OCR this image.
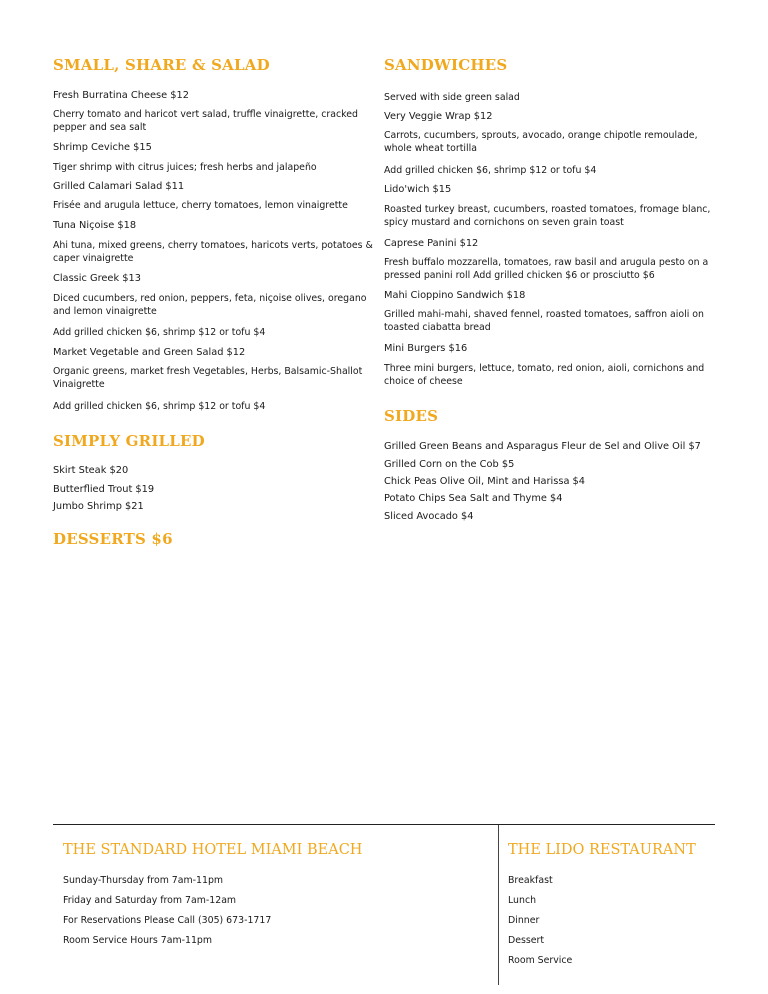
SMALL, SHARE & SALAD
Fresh Burratina Cheese $12
Cherry tomato and haricot vert salad, truffle vinaigrette, cracked pepper and sea salt
Shrimp Ceviche $15
Tiger shrimp with citrus juices; fresh herbs and jalapeño
Grilled Calamari Salad $11
Frisée and arugula lettuce, cherry tomatoes, lemon vinaigrette
Tuna Niçoise $18
Ahi tuna, mixed greens, cherry tomatoes, haricots verts, potatoes & caper vinaigrette
Classic Greek $13
Diced cucumbers, red onion, peppers, feta, niçoise olives, oregano and lemon vinaigrette
Add grilled chicken $6, shrimp $12 or tofu $4
Market Vegetable and Green Salad $12
Organic greens, market fresh Vegetables, Herbs, Balsamic-Shallot Vinaigrette
Add grilled chicken $6, shrimp $12 or tofu $4
SIMPLY GRILLED
Skirt Steak $20
Butterflied Trout $19
Jumbo Shrimp $21
DESSERTS $6
SANDWICHES
Served with side green salad
Very Veggie Wrap $12
Carrots, cucumbers, sprouts, avocado, orange chipotle remoulade, whole wheat tortilla
Add grilled chicken $6, shrimp $12 or tofu $4
Lido'wich $15
Roasted turkey breast, cucumbers, roasted tomatoes, fromage blanc, spicy mustard and cornichons on seven grain toast
Caprese Panini $12
Fresh buffalo mozzarella, tomatoes, raw basil and arugula pesto on a pressed panini roll Add grilled chicken $6 or prosciutto $6
Mahi Cioppino Sandwich $18
Grilled mahi-mahi, shaved fennel, roasted tomatoes, saffron aioli on toasted ciabatta bread
Mini Burgers $16
Three mini burgers, lettuce, tomato, red onion, aioli, cornichons and choice of cheese
SIDES
Grilled Green Beans and Asparagus Fleur de Sel and Olive Oil $7
Grilled Corn on the Cob $5
Chick Peas Olive Oil, Mint and Harissa $4
Potato Chips Sea Salt and Thyme $4
Sliced Avocado $4
THE STANDARD HOTEL MIAMI BEACH
Sunday-Thursday from 7am-11pm
Friday and Saturday from 7am-12am
For Reservations Please Call (305) 673-1717
Room Service Hours 7am-11pm
THE LIDO RESTAURANT
Breakfast
Lunch
Dinner
Dessert
Room Service
